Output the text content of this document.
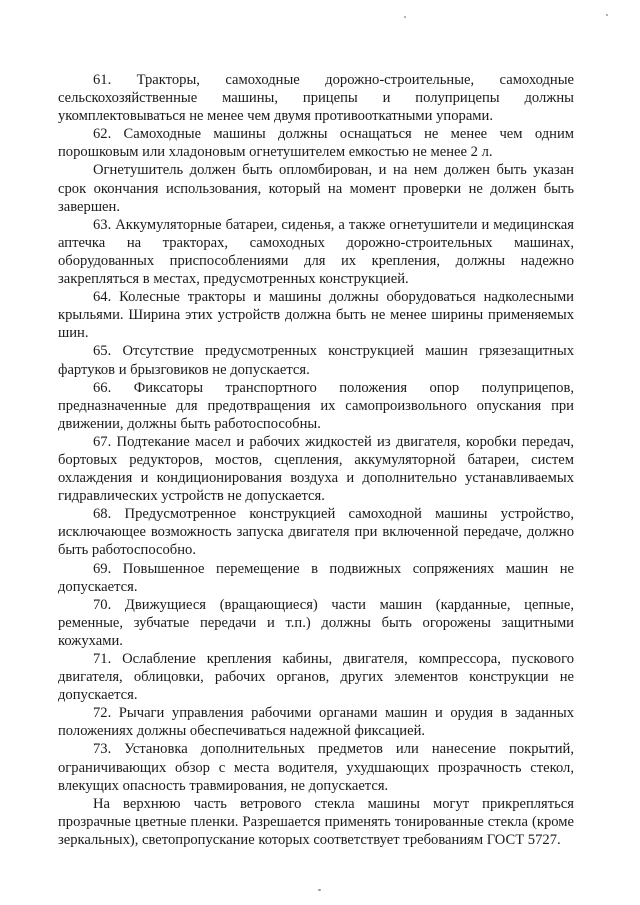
61. Тракторы, самоходные дорожно-строительные, самоходные сельскохозяйственные машины, прицепы и полуприцепы должны укомплектовываться не менее чем двумя противооткатными упорами.

62. Самоходные машины должны оснащаться не менее чем одним порошковым или хладоновым огнетушителем емкостью не менее 2 л.

Огнетушитель должен быть опломбирован, и на нем должен быть указан срок окончания использования, который на момент проверки не должен быть завершен.

63. Аккумуляторные батареи, сиденья, а также огнетушители и медицинская аптечка на тракторах, самоходных дорожно-строительных машинах, оборудованных приспособлениями для их крепления, должны надежно закрепляться в местах, предусмотренных конструкцией.

64. Колесные тракторы и машины должны оборудоваться надколесными крыльями. Ширина этих устройств должна быть не менее ширины применяемых шин.

65. Отсутствие предусмотренных конструкцией машин грязезащитных фартуков и брызговиков не допускается.

66. Фиксаторы транспортного положения опор полуприцепов, предназначенные для предотвращения их самопроизвольного опускания при движении, должны быть работоспособны.

67. Подтекание масел и рабочих жидкостей из двигателя, коробки передач, бортовых редукторов, мостов, сцепления, аккумуляторной батареи, систем охлаждения и кондиционирования воздуха и дополнительно устанавливаемых гидравлических устройств не допускается.

68. Предусмотренное конструкцией самоходной машины устройство, исключающее возможность запуска двигателя при включенной передаче, должно быть работоспособно.

69. Повышенное перемещение в подвижных сопряжениях машин не допускается.

70. Движущиеся (вращающиеся) части машин (карданные, цепные, ременные, зубчатые передачи и т.п.) должны быть огорожены защитными кожухами.

71. Ослабление крепления кабины, двигателя, компрессора, пускового двигателя, облицовки, рабочих органов, других элементов конструкции не допускается.

72. Рычаги управления рабочими органами машин и орудия в заданных положениях должны обеспечиваться надежной фиксацией.

73. Установка дополнительных предметов или нанесение покрытий, ограничивающих обзор с места водителя, ухудшающих прозрачность стекол, влекущих опасность травмирования, не допускается.

На верхнюю часть ветрового стекла машины могут прикрепляться прозрачные цветные пленки. Разрешается применять тонированные стекла (кроме зеркальных), светопропускание которых соответствует требованиям ГОСТ 5727.
